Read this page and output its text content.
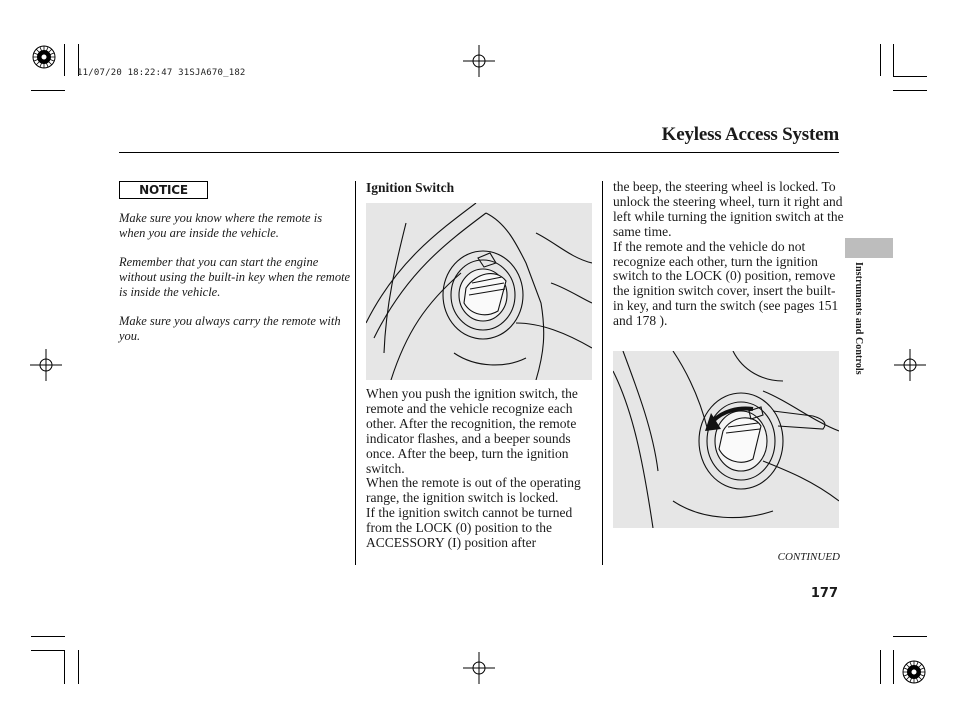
11/07/20 18:22:47 31SJA670_182
Keyless Access System
NOTICE
Make sure you know where the remote is when you are inside the vehicle.
Remember that you can start the engine without using the built-in key when the remote is inside the vehicle.
Make sure you always carry the remote with you.
Ignition Switch
When you push the ignition switch, the remote and the vehicle recognize each other. After the recognition, the remote indicator flashes, and a beeper sounds once. After the beep, turn the ignition switch.
When the remote is out of the operating range, the ignition switch is locked.
If the ignition switch cannot be turned from the LOCK (0) position to the ACCESSORY (I) position after
the beep, the steering wheel is locked. To unlock the steering wheel, turn it right and left while turning the ignition switch at the same time.
If the remote and the vehicle do not recognize each other, turn the ignition switch to the LOCK (0) position, remove the ignition switch cover, insert the built-in key, and turn the switch (see pages 151 and 178 ).	Instruments and Controls
CONTINUED
177
